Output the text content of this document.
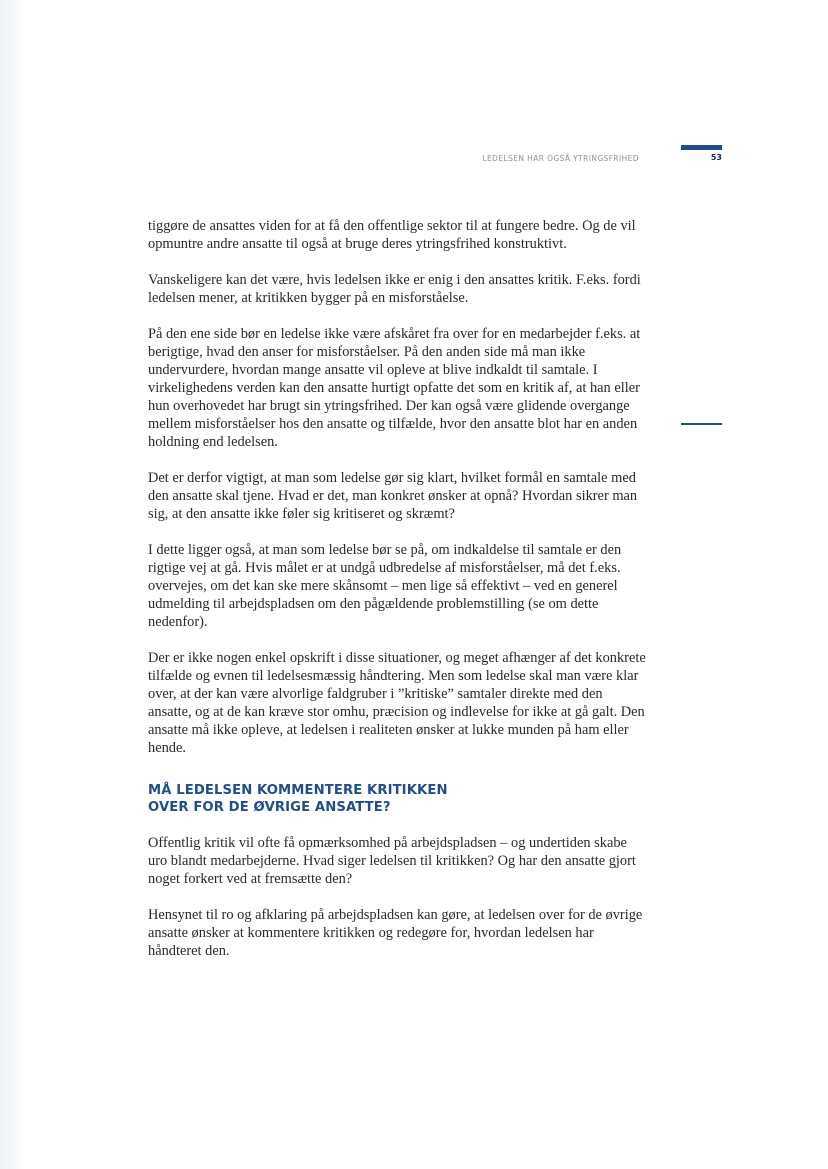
LEDELSEN HAR OGSÅ YTRINGSFRIHED	53

tiggøre de ansattes viden for at få den offentlige sektor til at fungere bedre. Og de vil opmuntre andre ansatte til også at bruge deres ytringsfrihed konstruktivt.

Vanskeligere kan det være, hvis ledelsen ikke er enig i den ansattes kritik. F.eks. fordi ledelsen mener, at kritikken bygger på en misforståelse.

På den ene side bør en ledelse ikke være afskåret fra over for en medarbejder f.eks. at berigtige, hvad den anser for misforståelser. På den anden side må man ikke undervurdere, hvordan mange ansatte vil opleve at blive indkaldt til samtale. I virkelighedens verden kan den ansatte hurtigt opfatte det som en kritik af, at han eller hun overhovedet har brugt sin ytringsfrihed. Der kan også være glidende overgange mellem misforståelser hos den ansatte og tilfælde, hvor den ansatte blot har en anden holdning end ledelsen.

Det er derfor vigtigt, at man som ledelse gør sig klart, hvilket formål en samtale med den ansatte skal tjene. Hvad er det, man konkret ønsker at opnå? Hvordan sikrer man sig, at den ansatte ikke føler sig kritiseret og skræmt?

I dette ligger også, at man som ledelse bør se på, om indkaldelse til samtale er den rigtige vej at gå. Hvis målet er at undgå udbredelse af misforståelser, må det f.eks. overvejes, om det kan ske mere skånsomt – men lige så effektivt – ved en generel udmelding til arbejdspladsen om den pågældende problemstilling (se om dette nedenfor).

Der er ikke nogen enkel opskrift i disse situationer, og meget afhænger af det konkrete tilfælde og evnen til ledelsesmæssig håndtering. Men som ledelse skal man være klar over, at der kan være alvorlige faldgruber i ”kritiske” samtaler direkte med den ansatte, og at de kan kræve stor omhu, præcision og indlevelse for ikke at gå galt. Den ansatte må ikke opleve, at ledelsen i realiteten ønsker at lukke munden på ham eller hende.

MÅ LEDELSEN KOMMENTERE KRITIKKEN
OVER FOR DE ØVRIGE ANSATTE?

Offentlig kritik vil ofte få opmærksomhed på arbejdspladsen – og undertiden skabe uro blandt medarbejderne. Hvad siger ledelsen til kritikken? Og har den ansatte gjort noget forkert ved at fremsætte den?

Hensynet til ro og afklaring på arbejdspladsen kan gøre, at ledelsen over for de øvrige ansatte ønsker at kommentere kritikken og redegøre for, hvordan ledelsen har håndteret den.
